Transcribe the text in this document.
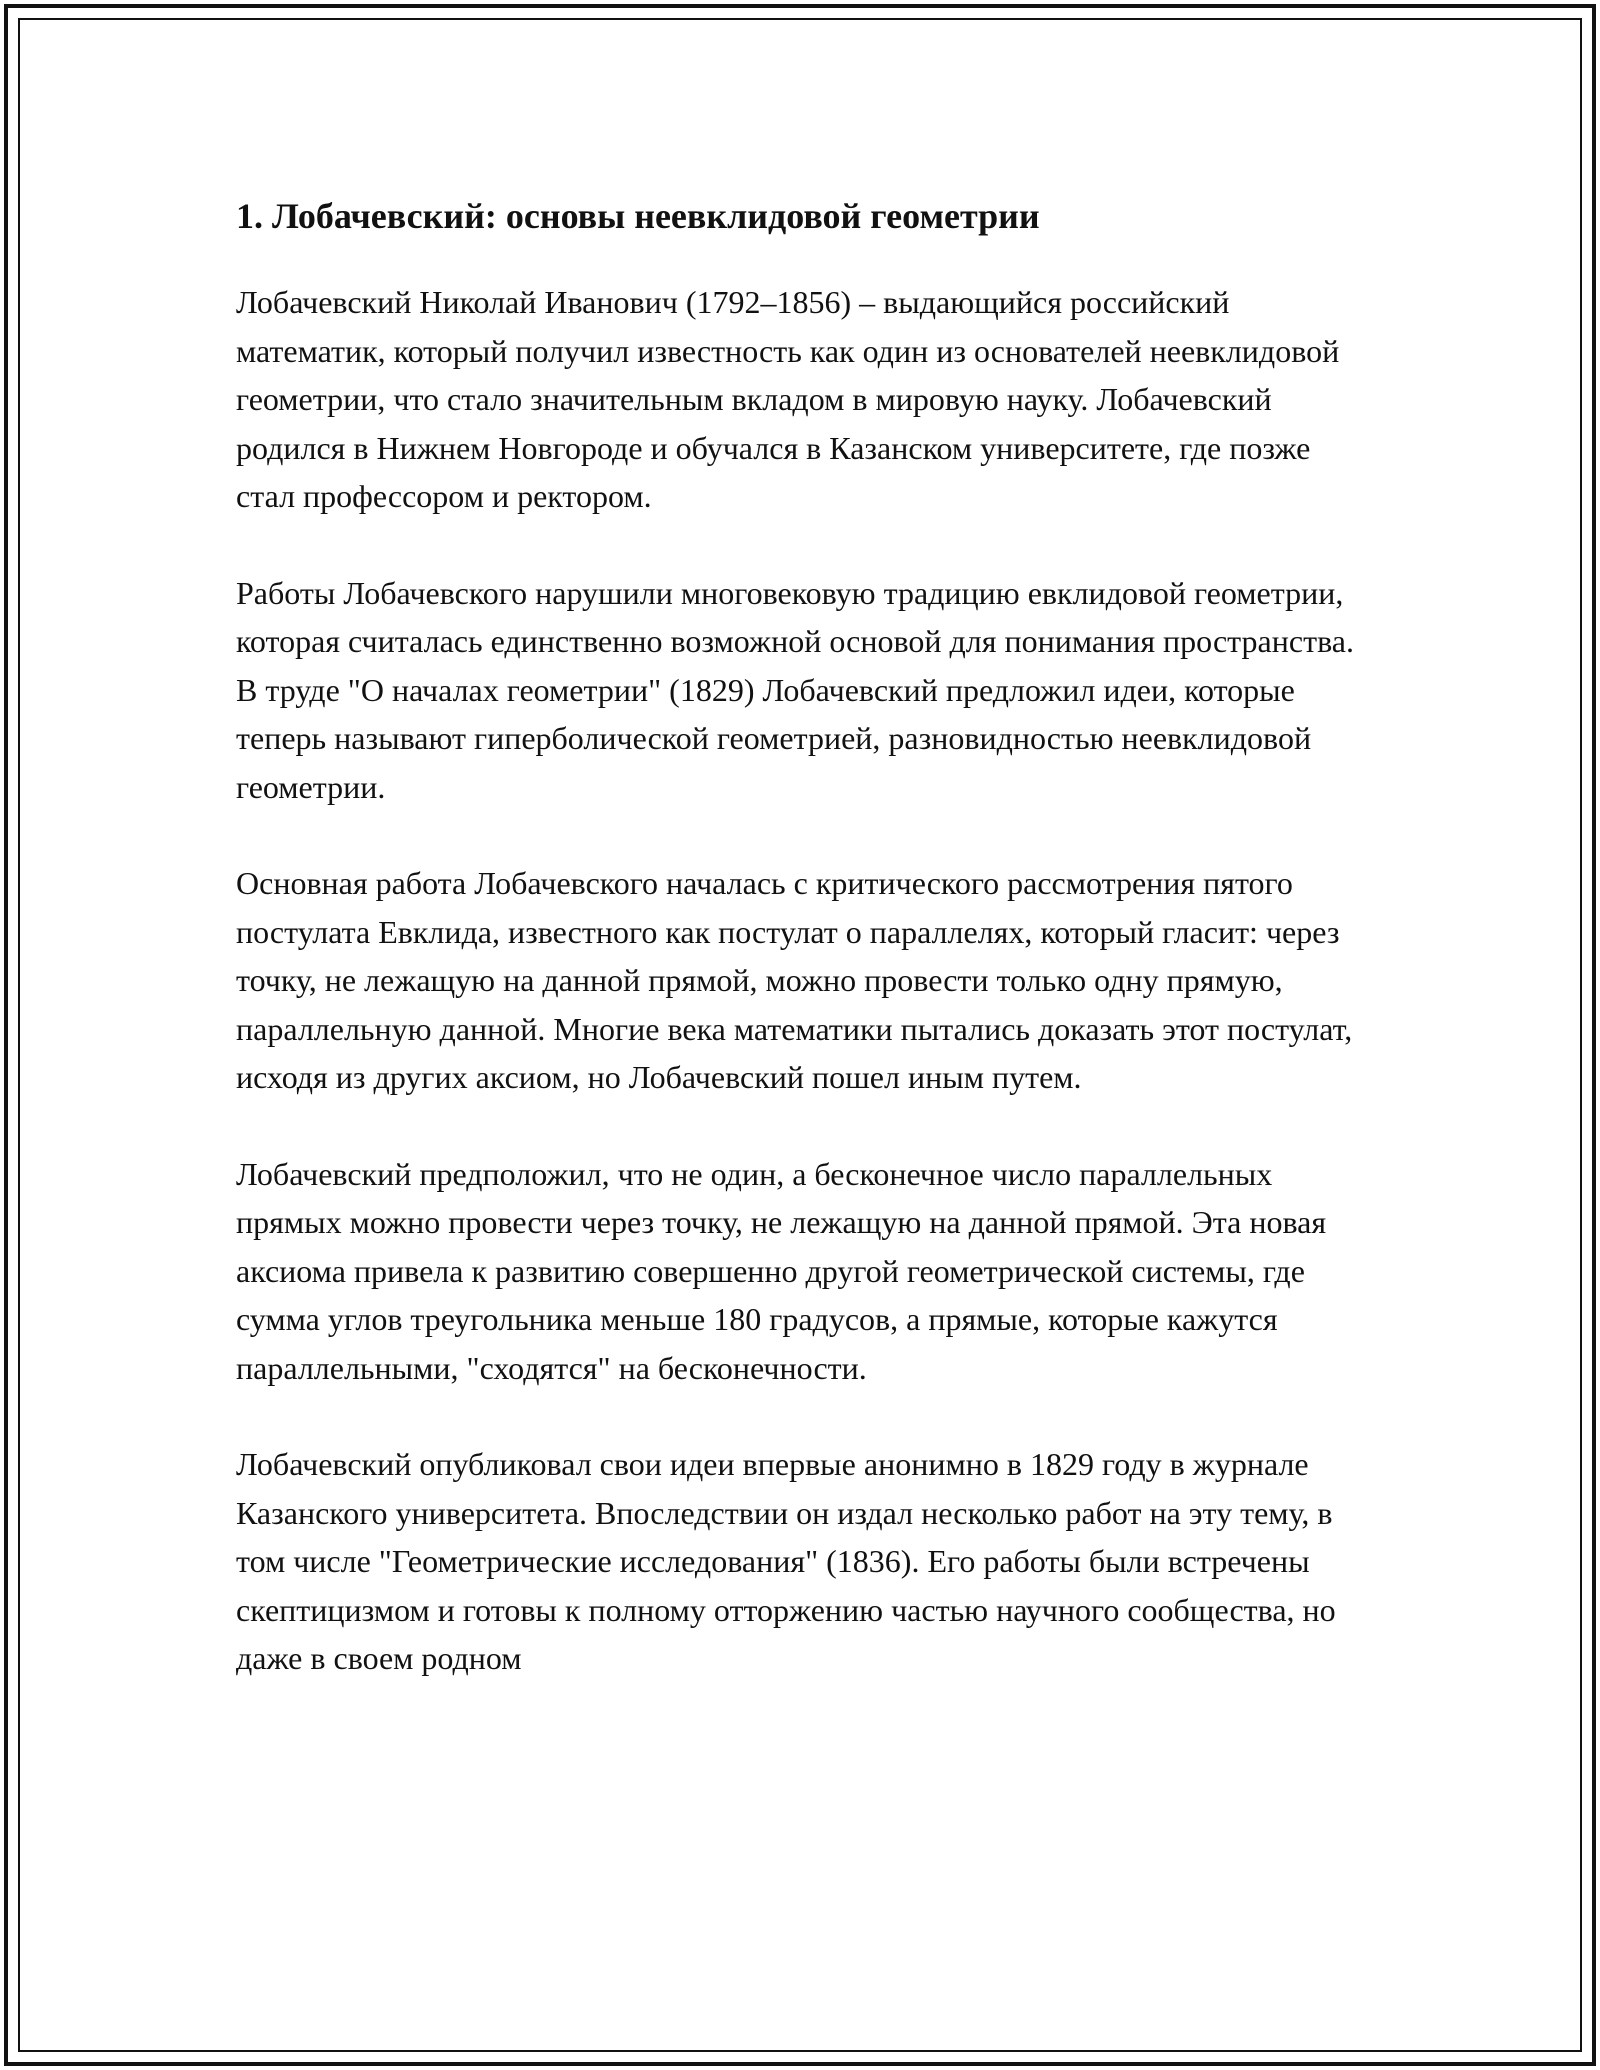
1. Лобачевский: основы неевклидовой геометрии

Лобачевский Николай Иванович (1792–1856) – выдающийся российский математик, который получил известность как один из основателей неевклидовой геометрии, что стало значительным вкладом в мировую науку. Лобачевский родился в Нижнем Новгороде и обучался в Казанском университете, где позже стал профессором и ректором.

Работы Лобачевского нарушили многовековую традицию евклидовой геометрии, которая считалась единственно возможной основой для понимания пространства. В труде "О началах геометрии" (1829) Лобачевский предложил идеи, которые теперь называют гиперболической геометрией, разновидностью неевклидовой геометрии.

Основная работа Лобачевского началась с критического рассмотрения пятого постулата Евклида, известного как постулат о параллелях, который гласит: через точку, не лежащую на данной прямой, можно провести только одну прямую, параллельную данной. Многие века математики пытались доказать этот постулат, исходя из других аксиом, но Лобачевский пошел иным путем.

Лобачевский предположил, что не один, а бесконечное число параллельных прямых можно провести через точку, не лежащую на данной прямой. Эта новая аксиома привела к развитию совершенно другой геометрической системы, где сумма углов треугольника меньше 180 градусов, а прямые, которые кажутся параллельными, "сходятся" на бесконечности.

Лобачевский опубликовал свои идеи впервые анонимно в 1829 году в журнале Казанского университета. Впоследствии он издал несколько работ на эту тему, в том числе "Геометрические исследования" (1836). Его работы были встречены скептицизмом и готовы к полному отторжению частью научного сообщества, но даже в своем родном
